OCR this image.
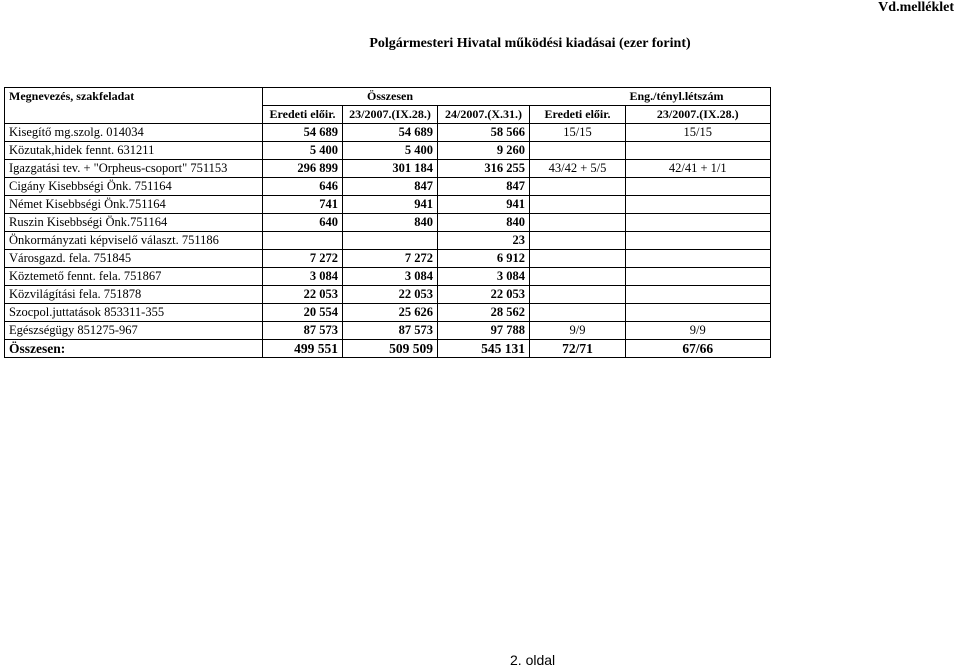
Vd.melléklet
Polgármesteri Hivatal működési kiadásai (ezer forint)
Megnevezés, szakfeladat		Összesen			Eng./tényl.létszám
	Eredeti előir.	23/2007.(IX.28.)	24/2007.(X.31.)	Eredeti előir.	23/2007.(IX.28.)
Kisegítő mg.szolg. 014034	54 689	54 689	58 566	15/15	15/15
Közutak,hidek fennt. 631211	5 400	5 400	9 260		
Igazgatási tev. + "Orpheus-csoport" 751153	296 899	301 184	316 255	43/42 + 5/5	42/41 + 1/1
Cigány Kisebbségi Önk. 751164	646	847	847		
Német Kisebbségi Önk.751164	741	941	941		
Ruszin Kisebbségi Önk.751164	640	840	840		
Önkormányzati képviselő választ. 751186			23		
Városgazd. fela. 751845	7 272	7 272	6 912		
Köztemető fennt. fela. 751867	3 084	3 084	3 084		
Közvilágítási fela. 751878	22 053	22 053	22 053		
Szocpol.juttatások 853311-355	20 554	25 626	28 562		
Egészségügy 851275-967	87 573	87 573	97 788	9/9	9/9
Összesen:	499 551	509 509	545 131	72/71	67/66
2. oldal
